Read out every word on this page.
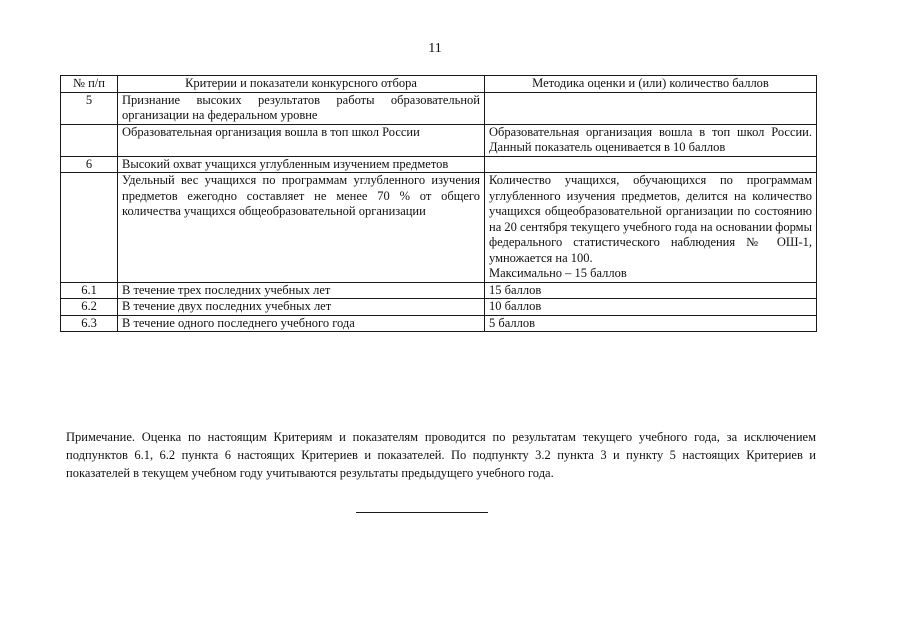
11
№ п/п	Критерии и показатели конкурсного отбора	Методика оценки и (или) количество баллов
5	Признание высоких результатов работы образовательной организации на федеральном уровне	
	Образовательная организация вошла в топ школ России	Образовательная организация вошла в топ школ России. Данный показатель оценивается в 10 баллов
6	Высокий охват учащихся углубленным изучением предметов	
	Удельный вес учащихся по программам углубленного изучения предметов ежегодно составляет не менее 70 % от общего количества учащихся общеобразовательной организации	Количество учащихся, обучающихся по программам углубленного изучения предметов, делится на количество учащихся общеобразовательной организации по состоянию на 20 сентября текущего учебного года на основании формы федерального статистического наблюдения № ОШ-1, умножается на 100.
Максимально – 15 баллов
6.1	В течение трех последних учебных лет	15 баллов
6.2	В течение двух последних учебных лет	10 баллов
6.3	В течение одного последнего учебного года	5 баллов
Примечание. Оценка по настоящим Критериям и показателям проводится по результатам текущего учебного года, за исключением подпунктов 6.1, 6.2 пункта 6 настоящих Критериев и показателей. По подпункту 3.2 пункта 3 и пункту 5 настоящих Критериев и показателей в текущем учебном году учитываются результаты предыдущего учебного года.
